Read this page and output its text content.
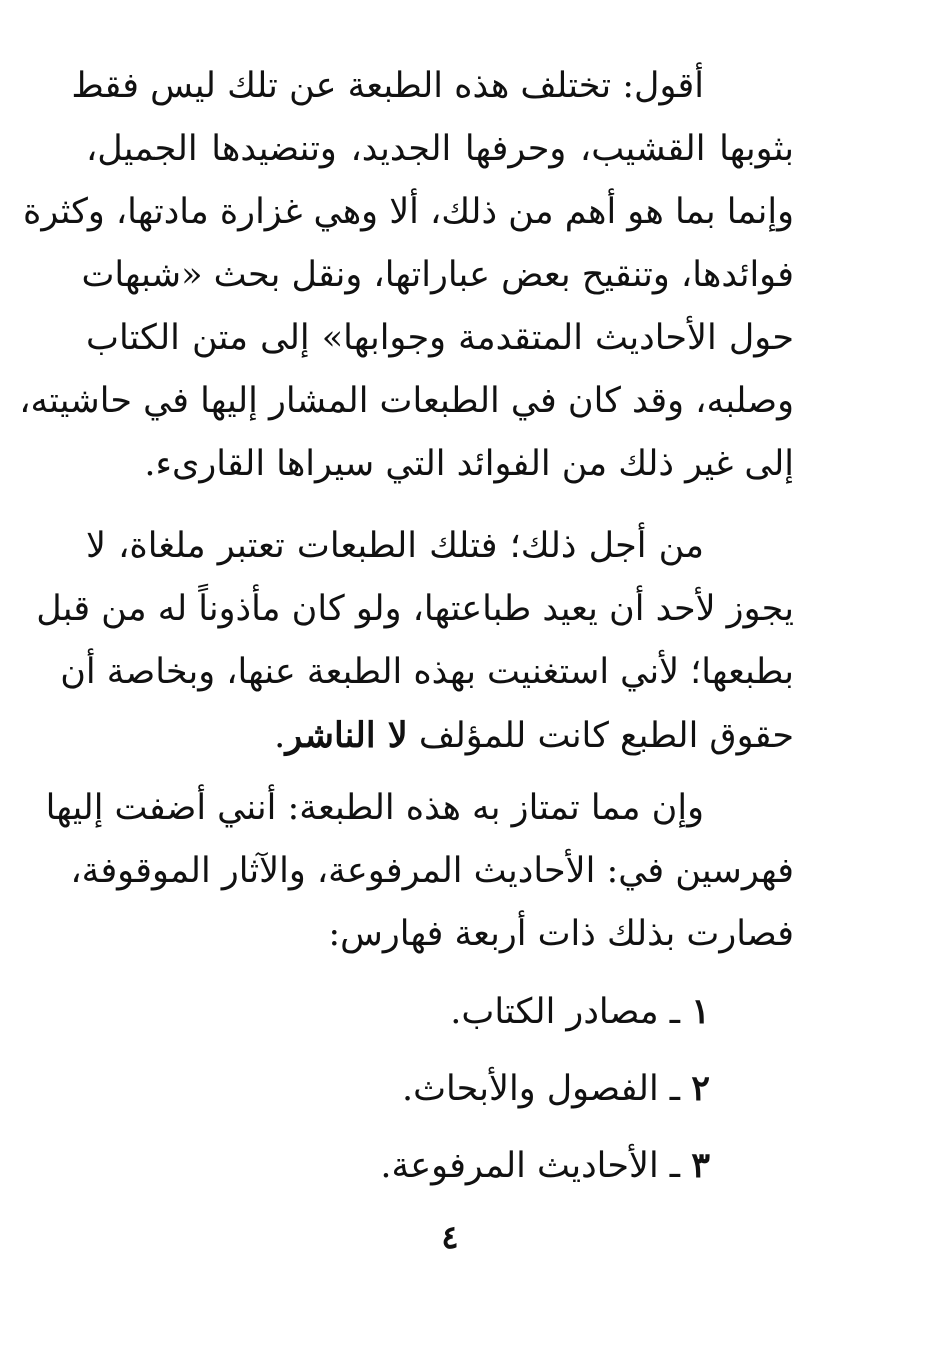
أقول: تختلف هذه الطبعة عن تلك ليس فقط
بثوبها القشيب، وحرفها الجديد، وتنضيدها الجميل،
وإنما بما هو أهم من ذلك، ألا وهي غزارة مادتها، وكثرة
فوائدها، وتنقيح بعض عباراتها، ونقل بحث «شبهات
حول الأحاديث المتقدمة وجوابها» إلى متن الكتاب
وصلبه، وقد كان في الطبعات المشار إليها في حاشيته،
إلى غير ذلك من الفوائد التي سيراها القارىء.
من أجل ذلك؛ فتلك الطبعات تعتبر ملغاة، لا
يجوز لأحد أن يعيد طباعتها، ولو كان مأذوناً له من قبل
بطبعها؛ لأني استغنيت بهذه الطبعة عنها، وبخاصة أن
حقوق الطبع كانت للمؤلف لا الناشر.
وإن مما تمتاز به هذه الطبعة: أنني أضفت إليها
فهرسين في: الأحاديث المرفوعة، والآثار الموقوفة،
فصارت بذلك ذات أربعة فهارس:
١ ـ مصادر الكتاب.
٢ ـ الفصول والأبحاث.
٣ ـ الأحاديث المرفوعة.
٤
